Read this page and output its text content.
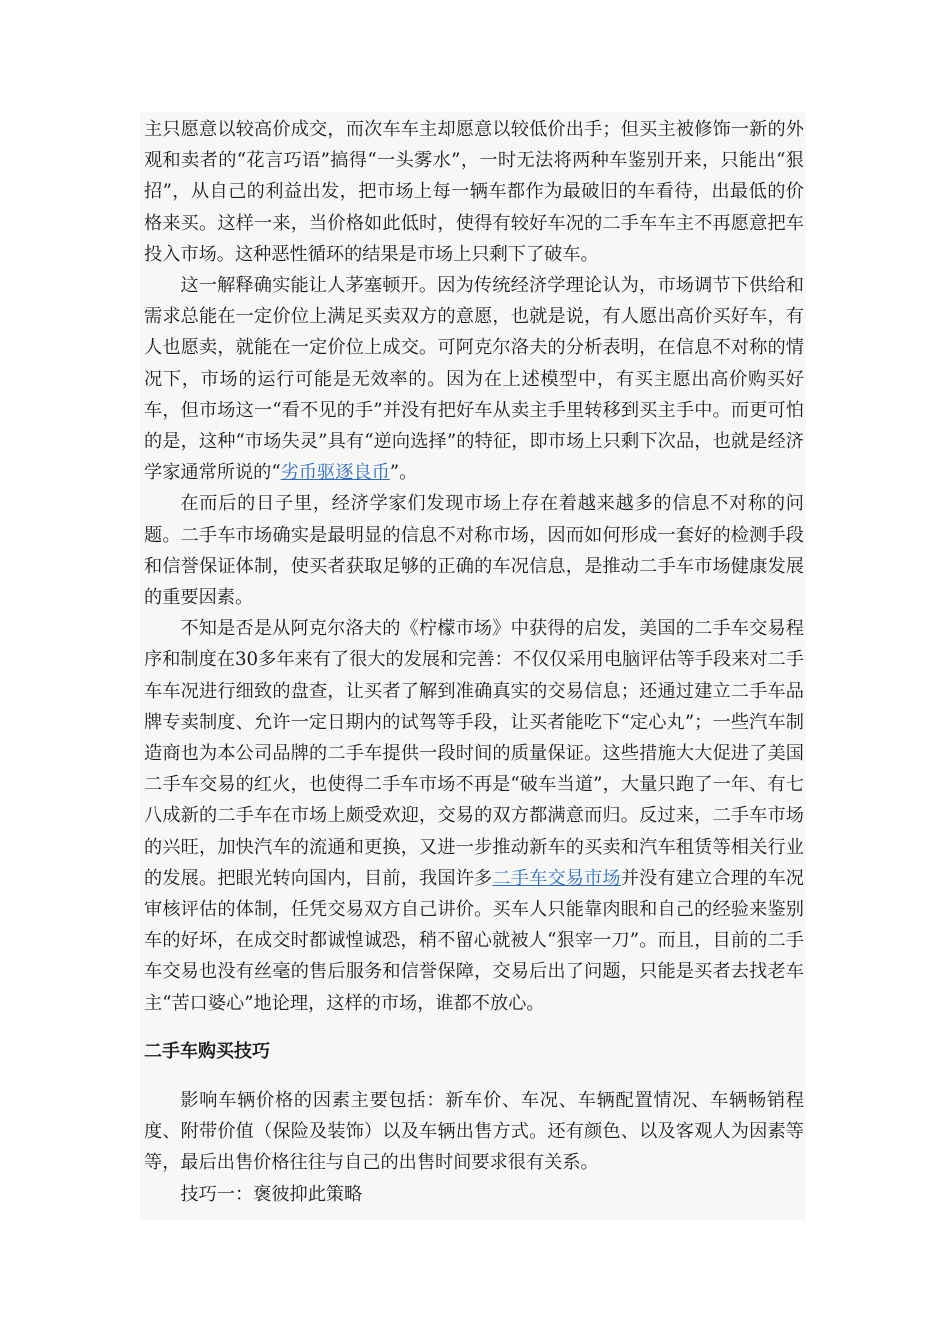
主只愿意以较高价成交，而次车车主却愿意以较低价出手；但买主被修饰一新的外观和卖者的“花言巧语”搞得“一头雾水”，一时无法将两种车鉴别开来，只能出“狠招”，从自己的利益出发，把市场上每一辆车都作为最破旧的车看待，出最低的价格来买。这样一来，当价格如此低时，使得有较好车况的二手车车主不再愿意把车投入市场。这种恶性循环的结果是市场上只剩下了破车。

这一解释确实能让人茅塞顿开。因为传统经济学理论认为，市场调节下供给和需求总能在一定价位上满足买卖双方的意愿，也就是说，有人愿出高价买好车，有人也愿卖，就能在一定价位上成交。可阿克尔洛夫的分析表明，在信息不对称的情况下，市场的运行可能是无效率的。因为在上述模型中，有买主愿出高价购买好车，但市场这一“看不见的手”并没有把好车从卖主手里转移到买主手中。而更可怕的是，这种“市场失灵”具有“逆向选择”的特征，即市场上只剩下次品，也就是经济学家通常所说的“劣币驱逐良币”。

在而后的日子里，经济学家们发现市场上存在着越来越多的信息不对称的问题。二手车市场确实是最明显的信息不对称市场，因而如何形成一套好的检测手段和信誉保证体制，使买者获取足够的正确的车况信息，是推动二手车市场健康发展的重要因素。

不知是否是从阿克尔洛夫的《柠檬市场》中获得的启发，美国的二手车交易程序和制度在30多年来有了很大的发展和完善：不仅仅采用电脑评估等手段来对二手车车况进行细致的盘查，让买者了解到准确真实的交易信息；还通过建立二手车品牌专卖制度、允许一定日期内的试驾等手段，让买者能吃下“定心丸”；一些汽车制造商也为本公司品牌的二手车提供一段时间的质量保证。这些措施大大促进了美国二手车交易的红火，也使得二手车市场不再是“破车当道”，大量只跑了一年、有七八成新的二手车在市场上颇受欢迎，交易的双方都满意而归。反过来，二手车市场的兴旺，加快汽车的流通和更换，又进一步推动新车的买卖和汽车租赁等相关行业的发展。把眼光转向国内，目前，我国许多二手车交易市场并没有建立合理的车况审核评估的体制，任凭交易双方自己讲价。买车人只能靠肉眼和自己的经验来鉴别车的好坏，在成交时都诚惶诚恐，稍不留心就被人“狠宰一刀”。而且，目前的二手车交易也没有丝毫的售后服务和信誉保障，交易后出了问题，只能是买者去找老车主“苦口婆心”地论理，这样的市场，谁都不放心。

二手车购买技巧

影响车辆价格的因素主要包括：新车价、车况、车辆配置情况、车辆畅销程度、附带价值（保险及装饰）以及车辆出售方式。还有颜色、以及客观人为因素等等，最后出售价格往往与自己的出售时间要求很有关系。

技巧一：褒彼抑此策略
